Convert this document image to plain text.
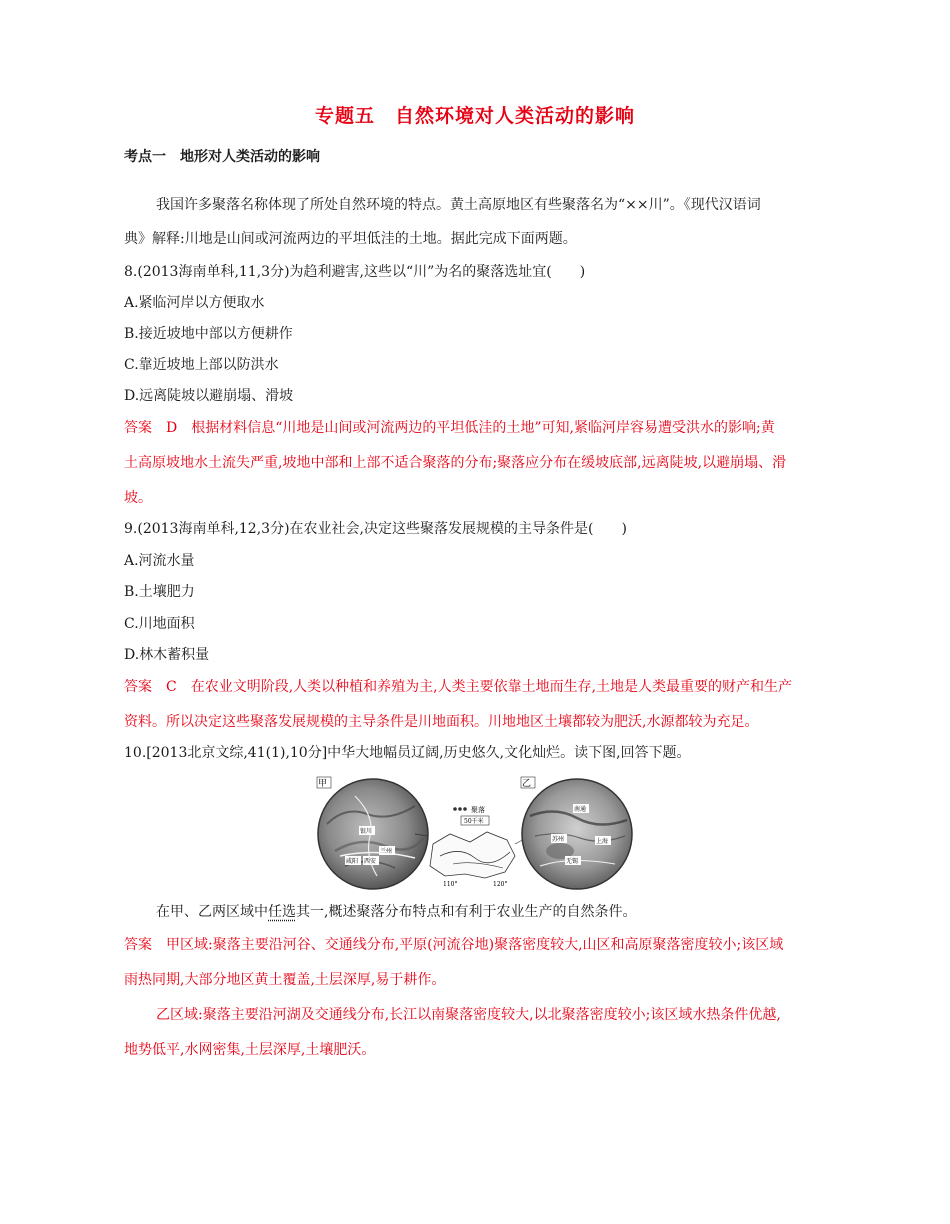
专题五　自然环境对人类活动的影响
考点一　地形对人类活动的影响
我国许多聚落名称体现了所处自然环境的特点。黄土高原地区有些聚落名为“××川”。《现代汉语词
典》解释:川地是山间或河流两边的平坦低洼的土地。据此完成下面两题。
8.(2013海南单科,11,3分)为趋利避害,这些以“川”为名的聚落选址宜(　　)
A.紧临河岸以方便取水
B.接近坡地中部以方便耕作
C.靠近坡地上部以防洪水
D.远离陡坡以避崩塌、滑坡
答案　D　根据材料信息“川地是山间或河流两边的平坦低洼的土地”可知,紧临河岸容易遭受洪水的影响;黄
土高原坡地水土流失严重,坡地中部和上部不适合聚落的分布;聚落应分布在缓坡底部,远离陡坡,以避崩塌、滑
坡。
9.(2013海南单科,12,3分)在农业社会,决定这些聚落发展规模的主导条件是(　　)
A.河流水量
B.土壤肥力
C.川地面积
D.林木蓄积量
答案　C　在农业文明阶段,人类以种植和养殖为主,人类主要依靠土地而生存,土地是人类最重要的财产和生产
资料。所以决定这些聚落发展规模的主导条件是川地面积。川地地区土壤都较为肥沃,水源都较为充足。
10.[2013北京文综,41(1),10分]中华大地幅员辽阔,历史悠久,文化灿烂。读下图,回答下题。
银川
兰州
咸阳 西安
甲
聚落
50千米
110°	120°
南通
苏州	上海
无锡
乙
在甲、乙两区域中任选其一,概述聚落分布特点和有利于农业生产的自然条件。
答案　甲区域:聚落主要沿河谷、交通线分布,平原(河流谷地)聚落密度较大,山区和高原聚落密度较小;该区域
雨热同期,大部分地区黄土覆盖,土层深厚,易于耕作。
乙区域:聚落主要沿河湖及交通线分布,长江以南聚落密度较大,以北聚落密度较小;该区域水热条件优越,
地势低平,水网密集,土层深厚,土壤肥沃。
